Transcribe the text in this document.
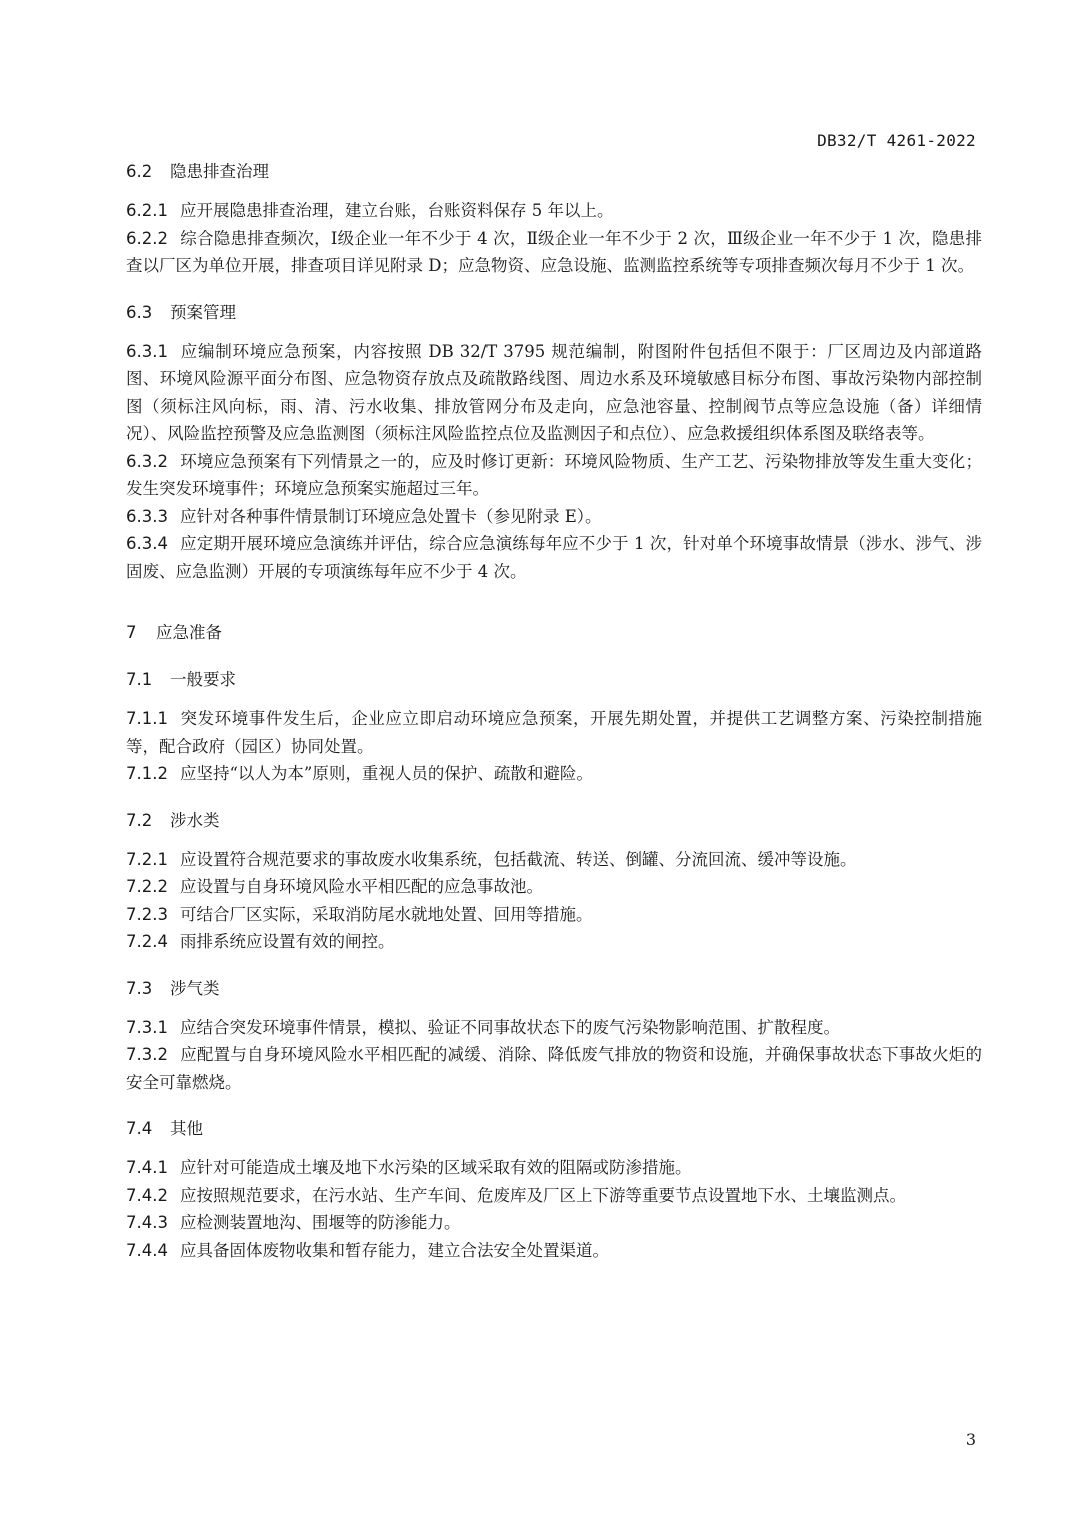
DB32/T 4261-2022
6.2 隐患排查治理

6.2.1 应开展隐患排查治理，建立台账，台账资料保存 5 年以上。

6.2.2 综合隐患排查频次，Ⅰ级企业一年不少于 4 次，Ⅱ级企业一年不少于 2 次，Ⅲ级企业一年不少于 1 次，隐患排查以厂区为单位开展，排查项目详见附录 D；应急物资、应急设施、监测监控系统等专项排查频次每月不少于 1 次。

6.3 预案管理

6.3.1 应编制环境应急预案，内容按照 DB 32/T 3795 规范编制，附图附件包括但不限于：厂区周边及内部道路图、环境风险源平面分布图、应急物资存放点及疏散路线图、周边水系及环境敏感目标分布图、事故污染物内部控制图（须标注风向标，雨、清、污水收集、排放管网分布及走向，应急池容量、控制阀节点等应急设施（备）详细情况）、风险监控预警及应急监测图（须标注风险监控点位及监测因子和点位）、应急救援组织体系图及联络表等。

6.3.2 环境应急预案有下列情景之一的，应及时修订更新：环境风险物质、生产工艺、污染物排放等发生重大变化；发生突发环境事件；环境应急预案实施超过三年。

6.3.3 应针对各种事件情景制订环境应急处置卡（参见附录 E）。

6.3.4 应定期开展环境应急演练并评估，综合应急演练每年应不少于 1 次，针对单个环境事故情景（涉水、涉气、涉固废、应急监测）开展的专项演练每年应不少于 4 次。

7 应急准备
7.1 一般要求

7.1.1 突发环境事件发生后，企业应立即启动环境应急预案，开展先期处置，并提供工艺调整方案、污染控制措施等，配合政府（园区）协同处置。

7.1.2 应坚持“以人为本”原则，重视人员的保护、疏散和避险。

7.2 涉水类

7.2.1 应设置符合规范要求的事故废水收集系统，包括截流、转送、倒罐、分流回流、缓冲等设施。

7.2.2 应设置与自身环境风险水平相匹配的应急事故池。

7.2.3 可结合厂区实际，采取消防尾水就地处置、回用等措施。

7.2.4 雨排系统应设置有效的闸控。

7.3 涉气类

7.3.1 应结合突发环境事件情景，模拟、验证不同事故状态下的废气污染物影响范围、扩散程度。

7.3.2 应配置与自身环境风险水平相匹配的减缓、消除、降低废气排放的物资和设施，并确保事故状态下事故火炬的安全可靠燃烧。

7.4 其他

7.4.1 应针对可能造成土壤及地下水污染的区域采取有效的阻隔或防渗措施。

7.4.2 应按照规范要求，在污水站、生产车间、危废库及厂区上下游等重要节点设置地下水、土壤监测点。

7.4.3 应检测装置地沟、围堰等的防渗能力。

7.4.4 应具备固体废物收集和暂存能力，建立合法安全处置渠道。

3
